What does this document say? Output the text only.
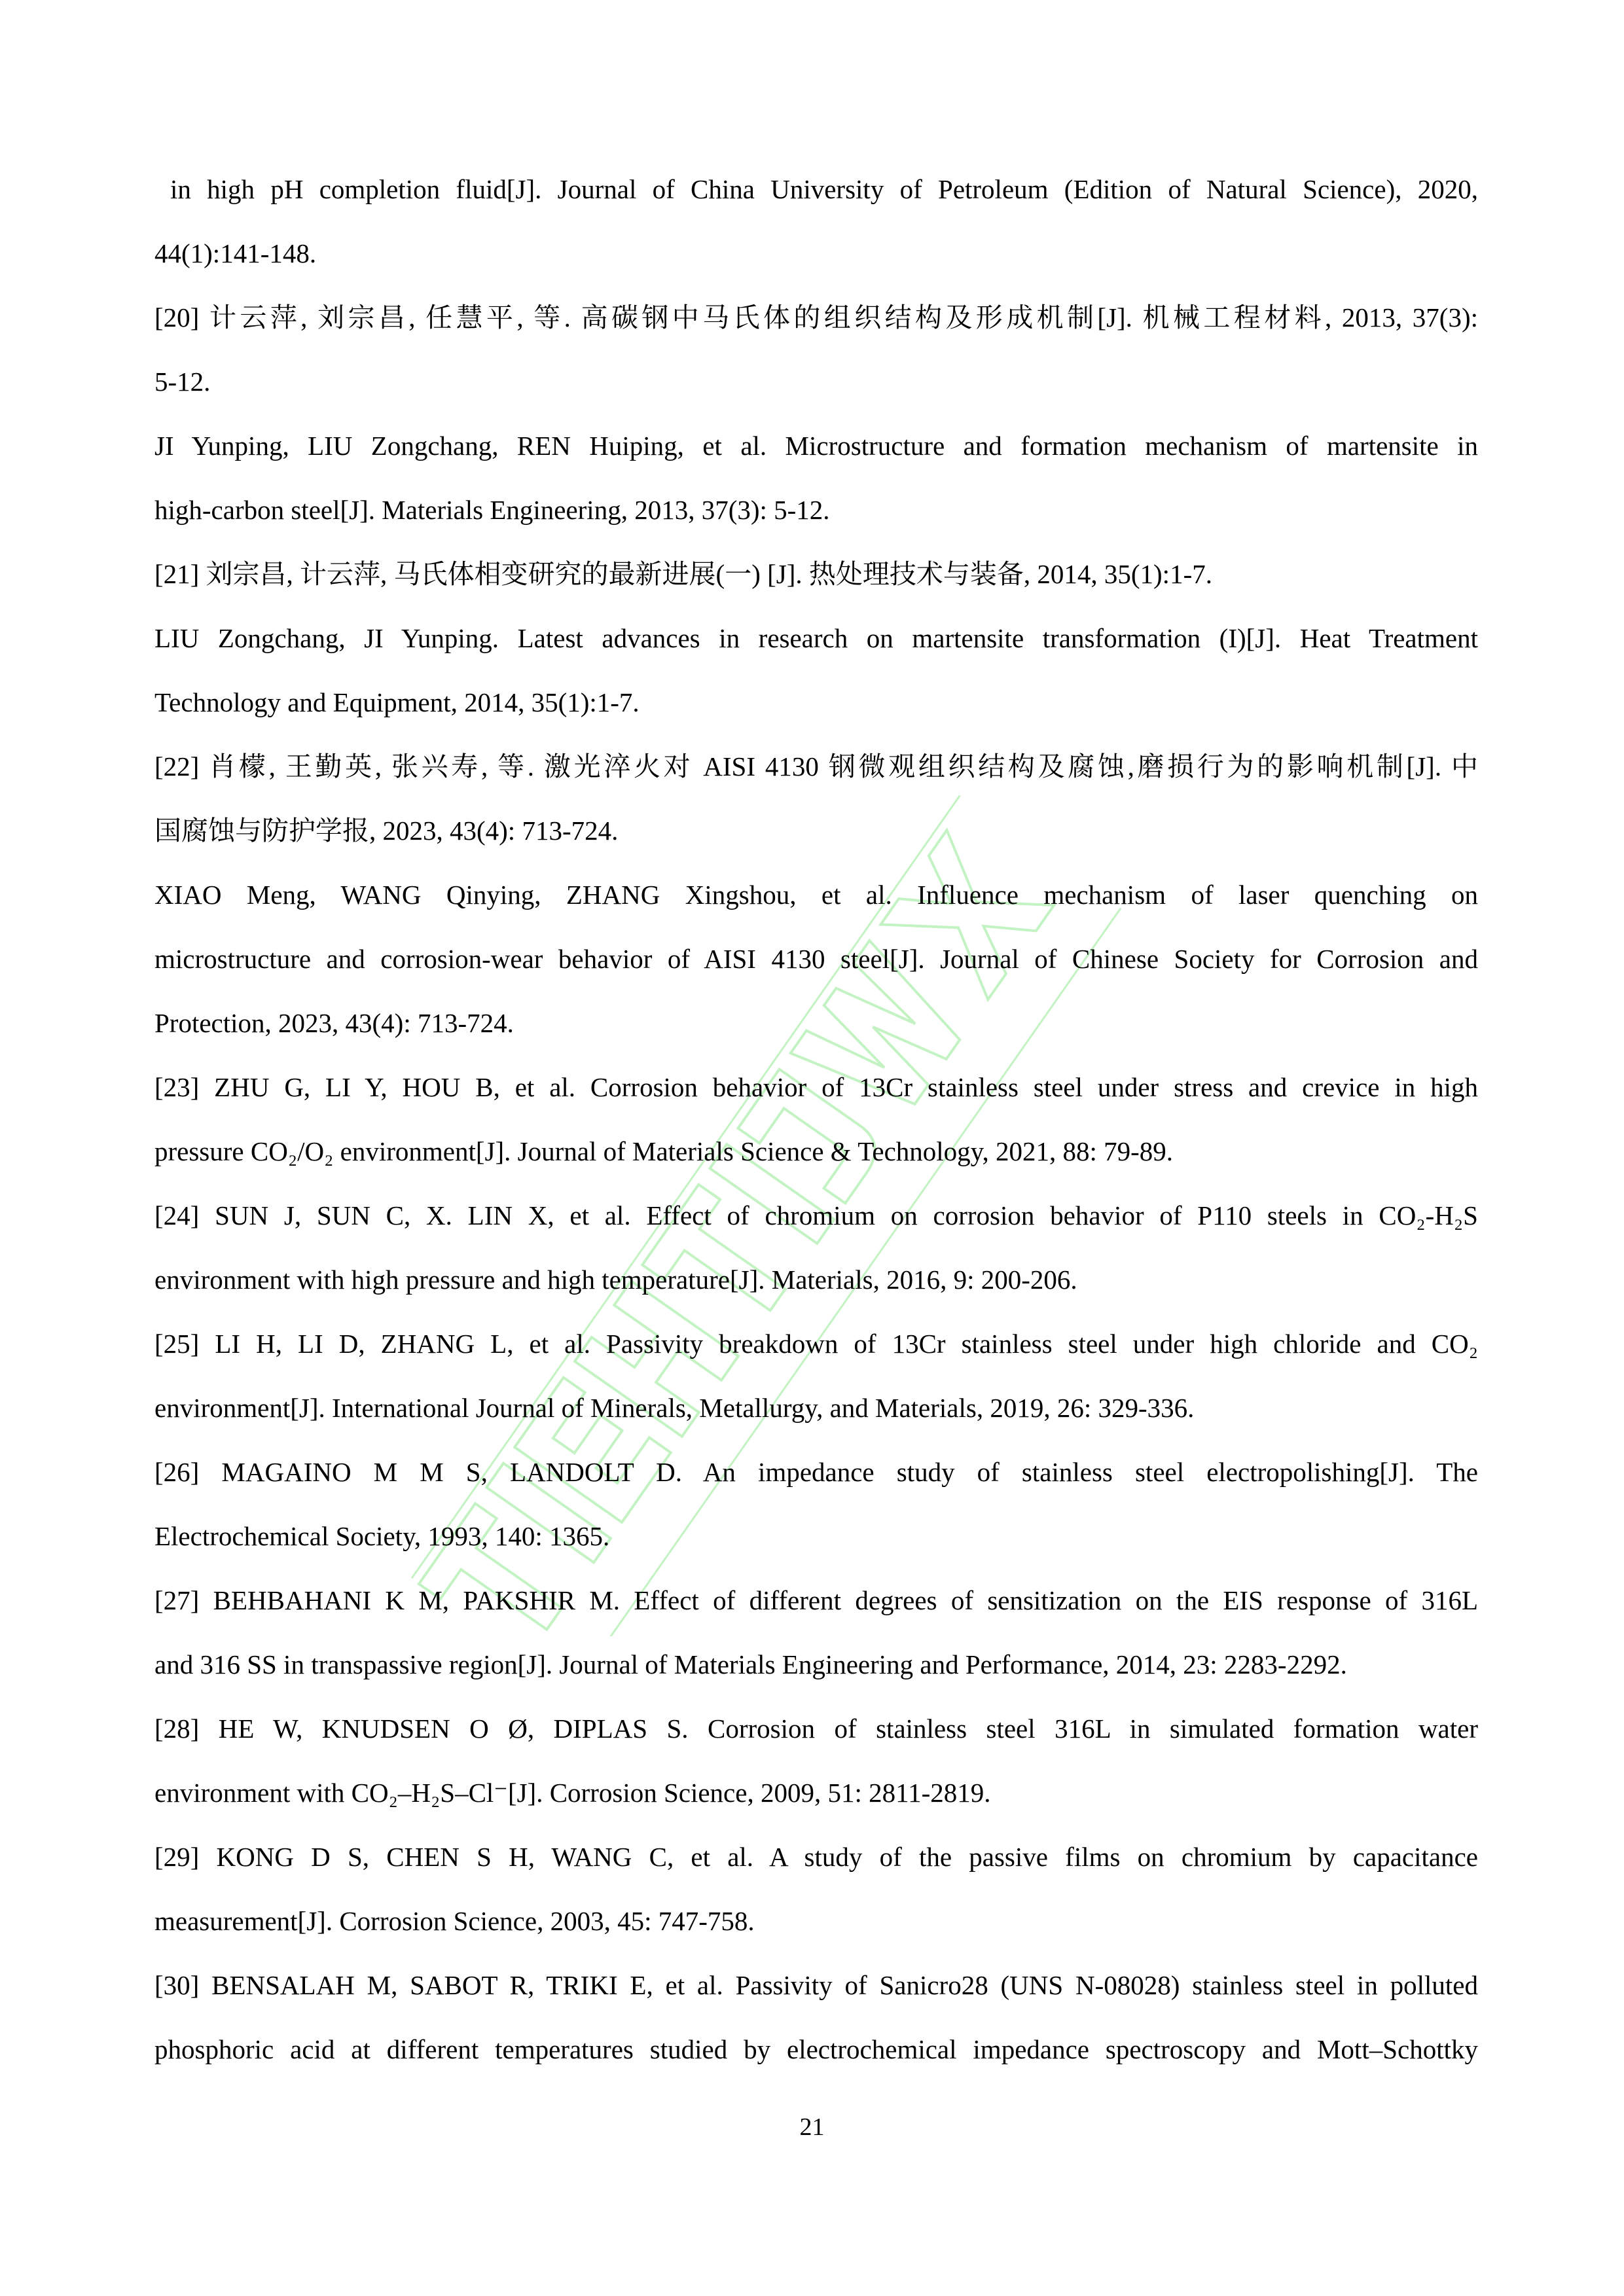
in high pH completion fluid[J]. Journal of China University of Petroleum (Edition of Natural Science), 2020,
44(1):141-148.
[20] 计云萍, 刘宗昌, 任慧平, 等. 高碳钢中马氏体的组织结构及形成机制[J]. 机械工程材料, 2013, 37(3):
5-12.
JI Yunping, LIU Zongchang, REN Huiping, et al. Microstructure and formation mechanism of martensite in
high-carbon steel[J]. Materials Engineering, 2013, 37(3): 5-12.
[21] 刘宗昌, 计云萍, 马氏体相变研究的最新进展(一) [J]. 热处理技术与装备, 2014, 35(1):1-7.
LIU Zongchang, JI Yunping. Latest advances in research on martensite transformation (I)[J]. Heat Treatment
Technology and Equipment, 2014, 35(1):1-7.
[22] 肖檬, 王勤英, 张兴寿, 等. 激光淬火对 AISI 4130 钢微观组织结构及腐蚀,磨损行为的影响机制[J]. 中
国腐蚀与防护学报, 2023, 43(4): 713-724.
XIAO Meng, WANG Qinying, ZHANG Xingshou, et al. Influence mechanism of laser quenching on
microstructure and corrosion-wear behavior of AISI 4130 steel[J]. Journal of Chinese Society for Corrosion and
Protection, 2023, 43(4): 713-724.
[23] ZHU G, LI Y, HOU B, et al. Corrosion behavior of 13Cr stainless steel under stress and crevice in high
pressure CO₂/O₂ environment[J]. Journal of Materials Science & Technology, 2021, 88: 79-89.
[24] SUN J, SUN C, X. LIN X, et al. Effect of chromium on corrosion behavior of P110 steels in CO₂-H₂S
environment with high pressure and high temperature[J]. Materials, 2016, 9: 200-206.
[25] LI H, LI D, ZHANG L, et al. Passivity breakdown of 13Cr stainless steel under high chloride and CO₂
environment[J]. International Journal of Minerals, Metallurgy, and Materials, 2019, 26: 329-336.
[26] MAGAINO M M S, LANDOLT D. An impedance study of stainless steel electropolishing[J]. The
Electrochemical Society, 1993, 140: 1365.
[27] BEHBAHANI K M, PAKSHIR M. Effect of different degrees of sensitization on the EIS response of 316L
and 316 SS in transpassive region[J]. Journal of Materials Engineering and Performance, 2014, 23: 2283-2292.
[28] HE W, KNUDSEN O Ø, DIPLAS S. Corrosion of stainless steel 316L in simulated formation water
environment with CO₂–H₂S–Cl⁻[J]. Corrosion Science, 2009, 51: 2811-2819.
[29] KONG D S, CHEN S H, WANG C, et al. A study of the passive films on chromium by capacitance
measurement[J]. Corrosion Science, 2003, 45: 747-758.
[30] BENSALAH M, SABOT R, TRIKI E, et al. Passivity of Sanicro28 (UNS N-08028) stainless steel in polluted
phosphoric acid at different temperatures studied by electrochemical impedance spectroscopy and Mott–Schottky
21
